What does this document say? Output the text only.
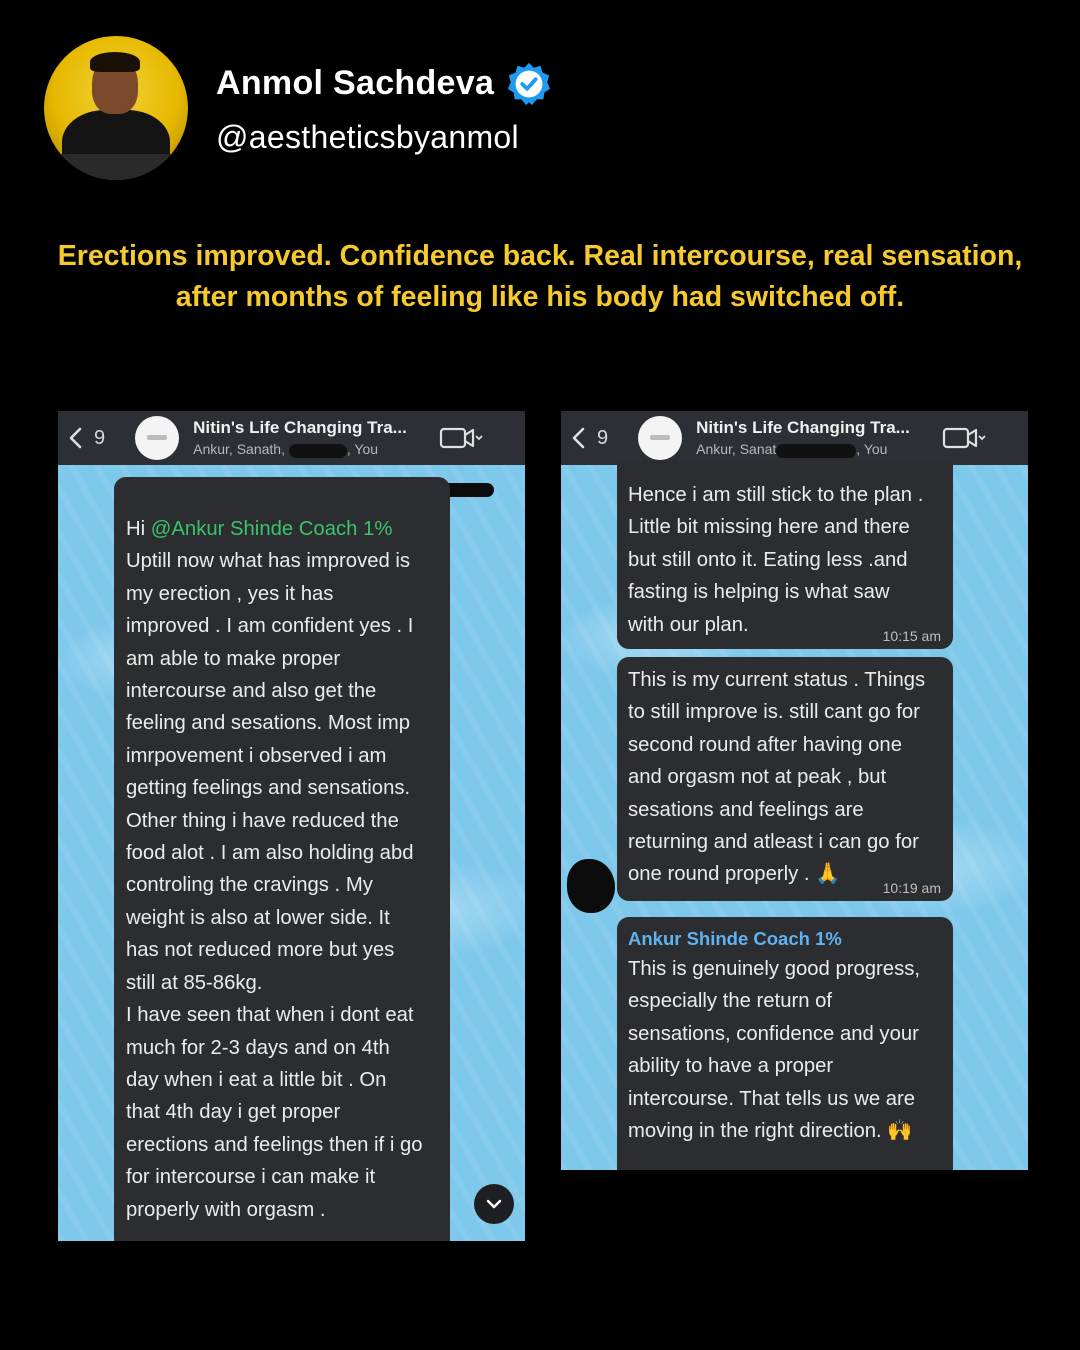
Anmol Sachdeva
@aestheticsbyanmol
Erections improved. Confidence back. Real intercourse, real sensation, after months of feeling like his body had switched off.
9	Nitin's Life Changing Tra...
Ankur, Sanath,	, You
Hi @Ankur Shinde Coach 1%
Uptill now what has improved is
my erection , yes it has
improved . I am confident yes . I
am able to make proper
intercourse and also get the
feeling and sesations. Most imp
imrpovement i observed i am
getting feelings and sensations.
Other thing i have reduced the
food alot . I am also holding abd
controling the cravings . My
weight is also at lower side. It
has not reduced more but yes
still at 85-86kg.
I have seen that when i dont eat
much for 2-3 days and on 4th
day when i eat a little bit . On
that 4th day i get proper
erections and feelings then if i go
for intercourse i can make it
properly with orgasm .
9	Nitin's Life Changing Tra...
Ankur, Sanat	, You
Hence i am still stick to the plan .
Little bit missing here and there
but still onto it. Eating less .and
fasting is helping is what saw
with our plan.
10:15 am
This is my current status . Things
to still improve is. still cant go for
second round after having one
and orgasm not at peak , but
sesations and feelings are
returning and atleast i can go for
one round properly . 🙏
10:19 am
Ankur Shinde Coach 1%
This is genuinely good progress,
especially the return of
sensations, confidence and your
ability to have a proper
intercourse. That tells us we are
moving in the right direction. 🙌
